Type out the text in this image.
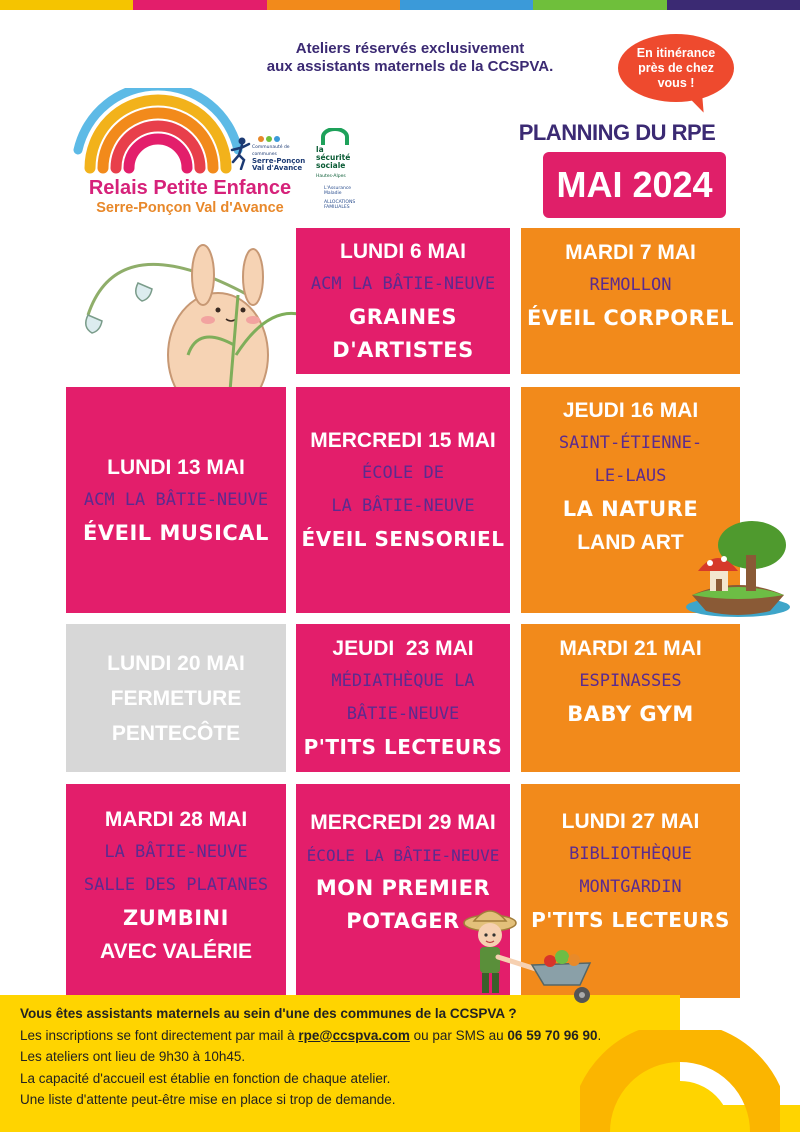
Ateliers réservés exclusivement
aux assistants maternels de la CCSPVA.
En itinérance
près de chez
vous !
Relais Petite Enfance
Serre-Ponçon Val d'Avance
Communauté de communes
Serre-Ponçon
Val d'Avance
la sécurité
sociale
Hautes-Alpes
L'Assurance
Maladie
ALLOCATIONS
FAMILIALES
PLANNING DU RPE
MAI 2024
LUNDI 6 MAI
ACM LA BÂTIE-NEUVE
GRAINES
D'ARTISTES
MARDI 7 MAI
REMOLLON
ÉVEIL CORPOREL
LUNDI 13 MAI
ACM LA BÂTIE-NEUVE
ÉVEIL MUSICAL
MERCREDI 15 MAI
ÉCOLE DE
LA BÂTIE-NEUVE
ÉVEIL SENSORIEL
JEUDI 16 MAI
SAINT-ÉTIENNE-
LE-LAUS
LA NATURE
LAND ART
LUNDI 20 MAI
FERMETURE
PENTECÔTE
JEUDI  23 MAI
MÉDIATHÈQUE LA
BÂTIE-NEUVE
P'TITS LECTEURS
MARDI 21 MAI
ESPINASSES
BABY GYM
MARDI 28 MAI
LA BÂTIE-NEUVE
SALLE DES PLATANES
ZUMBINI
AVEC VALÉRIE
MERCREDI 29 MAI
ÉCOLE LA BÂTIE-NEUVE
MON PREMIER
POTAGER
LUNDI 27 MAI
BIBLIOTHÈQUE
MONTGARDIN
P'TITS LECTEURS
Vous êtes assistants maternels au sein d'une des communes de la CCSPVA ?
Les inscriptions se font directement par mail à rpe@ccspva.com ou par SMS au 06 59 70 96 90.
Les ateliers ont lieu de 9h30 à 10h45.
La capacité d'accueil est établie en fonction de chaque atelier.
Une liste d'attente peut-être mise en place si trop de demande.
